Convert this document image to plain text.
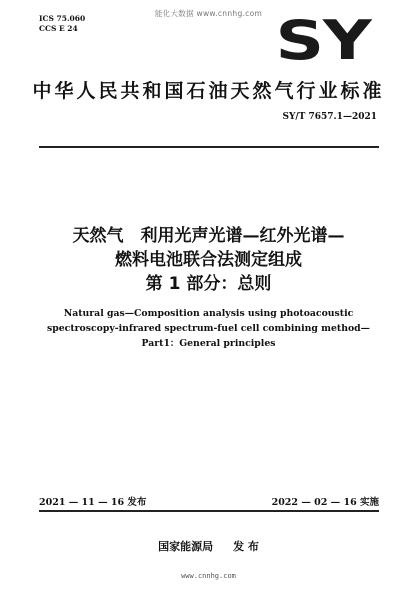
能化大数据 www.cnnhg.com
ICS 75.060
CCS E 24	SY
中华人民共和国石油天然气行业标准
SY/T 7657.1—2021
天然气　利用光声光谱—红外光谱—
燃料电池联合法测定组成
第 1 部分：总则
Natural gas—Composition analysis using photoacoustic
spectroscopy-infrared spectrum-fuel cell combining method—
Part1：General principles
2021 — 11 — 16 发布	2022 — 02 — 16 实施
国家能源局 发 布
www.cnnhg.com
